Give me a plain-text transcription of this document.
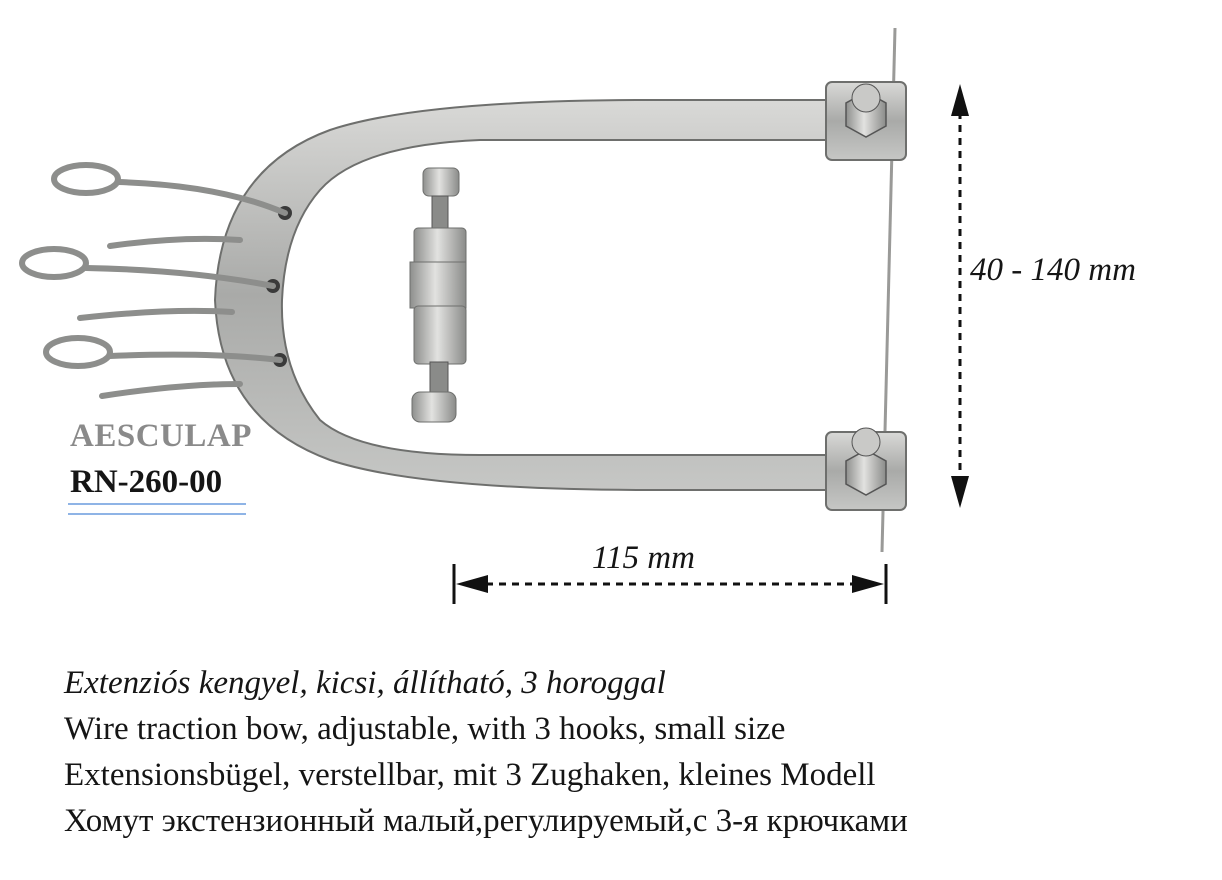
40 - 140 mm
115 mm
AESCULAP
RN-260-00
Extenziós kengyel, kicsi, állítható, 3 horoggal
Wire traction bow, adjustable, with 3 hooks, small size
Extensionsbügel, verstellbar, mit 3 Zughaken, kleines Modell
Хомут экстензионный малый,регулируемый,с 3-я крючками
